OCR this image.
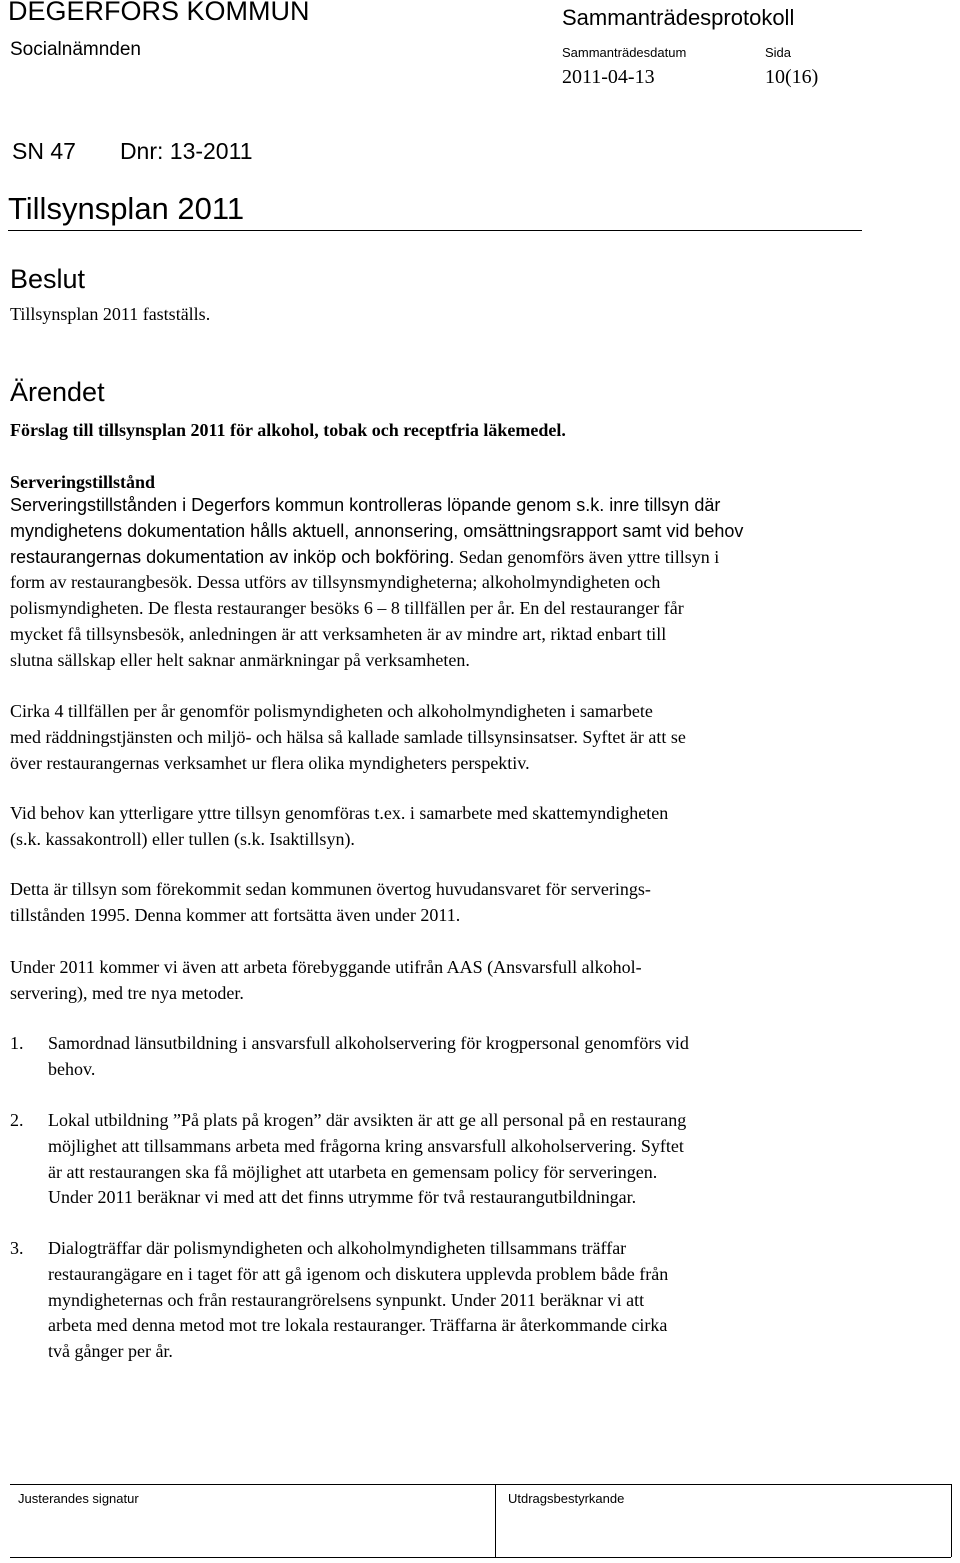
DEGERFORS KOMMUN
Socialnämnden
Sammanträdesprotokoll
Sammanträdesdatum
2011-04-13
Sida
10(16)
SN 47 Dnr: 13-2011
Tillsynsplan 2011
Beslut
Tillsynsplan 2011 fastställs.
Ärendet
Förslag till tillsynsplan 2011 för alkohol, tobak och receptfria läkemedel.
Serveringstillstånd
Serveringstillstånden i Degerfors kommun kontrolleras löpande genom s.k. inre tillsyn där
myndighetens dokumentation hålls aktuell, annonsering, omsättningsrapport samt vid behov
restaurangernas dokumentation av inköp och bokföring. Sedan genomförs även yttre tillsyn i
form av restaurangbesök. Dessa utförs av tillsynsmyndigheterna; alkoholmyndigheten och
polismyndigheten. De flesta restauranger besöks 6 – 8 tillfällen per år. En del restauranger får
mycket få tillsynsbesök, anledningen är att verksamheten är av mindre art, riktad enbart till
slutna sällskap eller helt saknar anmärkningar på verksamheten.
Cirka 4 tillfällen per år genomför polismyndigheten och alkoholmyndigheten i samarbete
med räddningstjänsten och miljö- och hälsa så kallade samlade tillsynsinsatser. Syftet är att se
över restaurangernas verksamhet ur flera olika myndigheters perspektiv.
Vid behov kan ytterligare yttre tillsyn genomföras t.ex. i samarbete med skattemyndigheten
(s.k. kassakontroll) eller tullen (s.k. Isaktillsyn).
Detta är tillsyn som förekommit sedan kommunen övertog huvudansvaret för serverings-
tillstånden 1995. Denna kommer att fortsätta även under 2011.
Under 2011 kommer vi även att arbeta förebyggande utifrån AAS (Ansvarsfull alkohol-
servering), med tre nya metoder.
1. Samordnad länsutbildning i ansvarsfull alkoholservering för krogpersonal genomförs vid
behov.
2. Lokal utbildning ”På plats på krogen” där avsikten är att ge all personal på en restaurang
möjlighet att tillsammans arbeta med frågorna kring ansvarsfull alkoholservering. Syftet
är att restaurangen ska få möjlighet att utarbeta en gemensam policy för serveringen.
Under 2011 beräknar vi med att det finns utrymme för två restaurangutbildningar.
3. Dialogträffar där polismyndigheten och alkoholmyndigheten tillsammans träffar
restaurangägare en i taget för att gå igenom och diskutera upplevda problem både från
myndigheternas och från restaurangrörelsens synpunkt. Under 2011 beräknar vi att
arbeta med denna metod mot tre lokala restauranger. Träffarna är återkommande cirka
två gånger per år.
Justerandes signatur	Utdragsbestyrkande
